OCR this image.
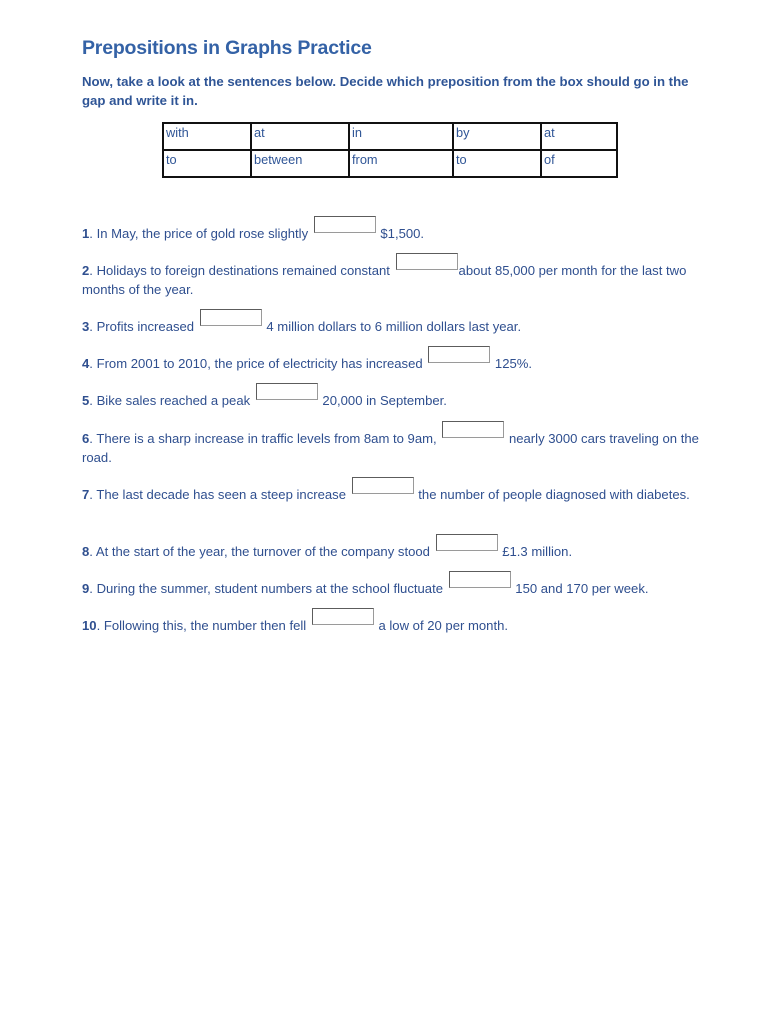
Prepositions in Graphs Practice

Now, take a look at the sentences below. Decide which preposition from the box should go in the gap and write it in.

with	at	in	by	at
to	between	from	to	of
1. In May, the price of gold rose slightly	$1,500.
2. Holidays to foreign destinations remained constant	about 85,000 per month for the last two months of the year.
3. Profits increased	4 million dollars to 6 million dollars last year.
4. From 2001 to 2010, the price of electricity has increased	125%.
5. Bike sales reached a peak	20,000 in September.
6. There is a sharp increase in traffic levels from 8am to 9am,	nearly 3000 cars traveling on the road.
7. The last decade has seen a steep increase	the number of people diagnosed with diabetes.
8. At the start of the year, the turnover of the company stood	£1.3 million.
9. During the summer, student numbers at the school fluctuate	150 and 170 per week.
10. Following this, the number then fell	a low of 20 per month.
